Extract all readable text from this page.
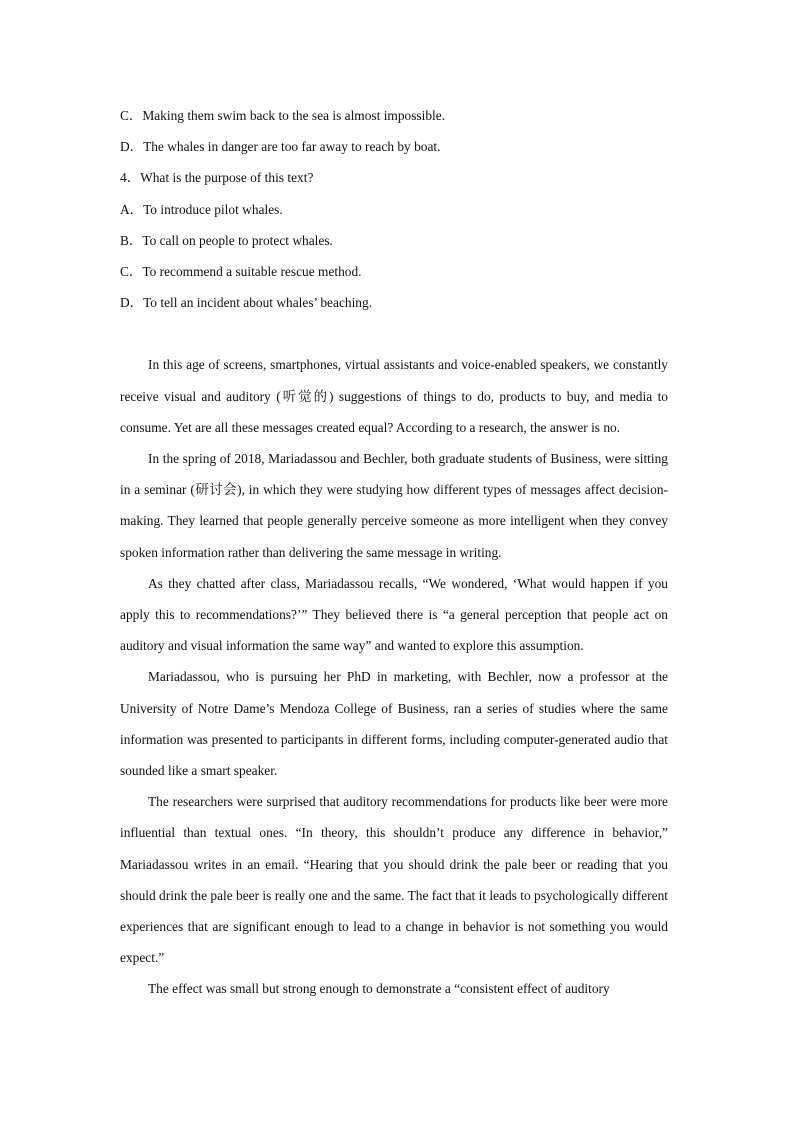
C．Making them swim back to the sea is almost impossible.
D．The whales in danger are too far away to reach by boat.
4．What is the purpose of this text?
A．To introduce pilot whales.
B．To call on people to protect whales.
C．To recommend a suitable rescue method.
D．To tell an incident about whales’ beaching.

In this age of screens, smartphones, virtual assistants and voice-enabled speakers, we constantly receive visual and auditory (听觉的) suggestions of things to do, products to buy, and media to consume. Yet are all these messages created equal? According to a research, the answer is no.

In the spring of 2018, Mariadassou and Bechler, both graduate students of Business, were sitting in a seminar (研讨会), in which they were studying how different types of messages affect decision-making. They learned that people generally perceive someone as more intelligent when they convey spoken information rather than delivering the same message in writing.

As they chatted after class, Mariadassou recalls, “We wondered, ‘What would happen if you apply this to recommendations?’” They believed there is “a general perception that people act on auditory and visual information the same way” and wanted to explore this assumption.

Mariadassou, who is pursuing her PhD in marketing, with Bechler, now a professor at the University of Notre Dame’s Mendoza College of Business, ran a series of studies where the same information was presented to participants in different forms, including computer-generated audio that sounded like a smart speaker.

The researchers were surprised that auditory recommendations for products like beer were more influential than textual ones. “In theory, this shouldn’t produce any difference in behavior,” Mariadassou writes in an email. “Hearing that you should drink the pale beer or reading that you should drink the pale beer is really one and the same. The fact that it leads to psychologically different experiences that are significant enough to lead to a change in behavior is not something you would expect.”

The effect was small but strong enough to demonstrate a “consistent effect of auditory
